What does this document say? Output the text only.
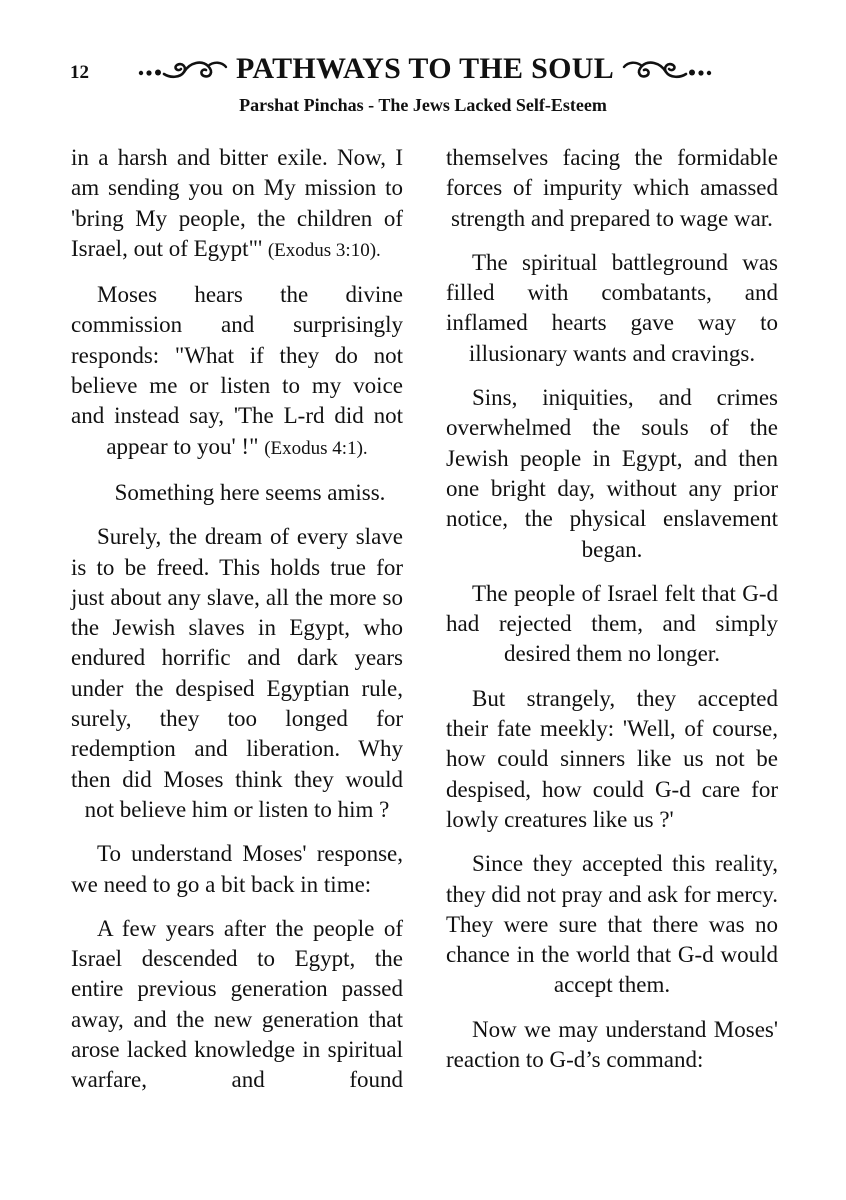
12	PATHWAYS TO THE SOUL
Parshat Pinchas - The Jews Lacked Self-Esteem

in a harsh and bitter exile. Now, I am sending you on My mission to 'bring My people, the children of Israel, out of Egypt"' (Exodus 3:10).

Moses hears the divine commission and surprisingly responds: "What if they do not believe me or listen to my voice and instead say, 'The L-rd did not appear to you' !" (Exodus 4:1).

Something here seems amiss.

Surely, the dream of every slave is to be freed. This holds true for just about any slave, all the more so the Jewish slaves in Egypt, who endured horrific and dark years under the despised Egyptian rule, surely, they too longed for redemption and liberation. Why then did Moses think they would not believe him or listen to him ?

To understand Moses' response, we need to go a bit back in time:

A few years after the people of Israel descended to Egypt, the entire previous generation passed away, and the new generation that arose lacked knowledge in spiritual warfare, and found

themselves facing the formidable forces of impurity which amassed strength and prepared to wage war.

The spiritual battleground was filled with combatants, and inflamed hearts gave way to illusionary wants and cravings.

Sins, iniquities, and crimes overwhelmed the souls of the Jewish people in Egypt, and then one bright day, without any prior notice, the physical enslavement began.

The people of Israel felt that G-d had rejected them, and simply desired them no longer.

But strangely, they accepted their fate meekly: 'Well, of course, how could sinners like us not be despised, how could G-d care for lowly creatures like us ?'

Since they accepted this reality, they did not pray and ask for mercy. They were sure that there was no chance in the world that G-d would accept them.

Now we may understand Moses' reaction to G-d’s command:
